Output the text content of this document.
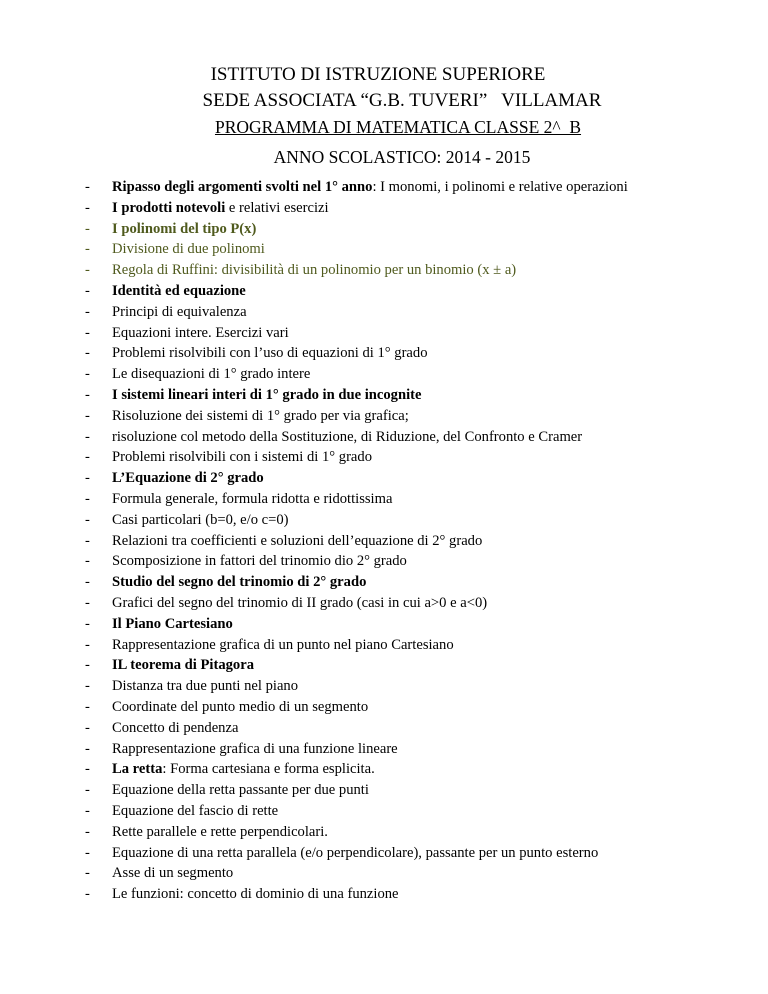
ISTITUTO DI ISTRUZIONE SUPERIORE
SEDE ASSOCIATA “G.B. TUVERI”   VILLAMAR
PROGRAMMA DI MATEMATICA CLASSE 2^  B
ANNO SCOLASTICO: 2014 - 2015
- Ripasso degli argomenti svolti nel 1° anno: I monomi, i polinomi e relative operazioni
- I prodotti notevoli e relativi esercizi
- I polinomi del tipo P(x)
- Divisione di due polinomi
- Regola di Ruffini: divisibilità di un polinomio per un binomio (x ± a)
- Identità ed equazione
- Principi di equivalenza
- Equazioni intere. Esercizi vari
- Problemi risolvibili con l’uso di equazioni di 1° grado
- Le disequazioni di 1° grado intere
- I sistemi lineari interi di 1° grado in due incognite
- Risoluzione dei sistemi di 1° grado per via grafica;
- risoluzione col metodo della Sostituzione, di Riduzione, del Confronto e Cramer
- Problemi risolvibili con i sistemi di 1° grado
- L’Equazione di 2° grado
- Formula generale, formula ridotta e ridottissima
- Casi particolari (b=0, e/o c=0)
- Relazioni tra coefficienti e soluzioni dell’equazione di 2° grado
- Scomposizione in fattori del trinomio dio 2° grado
- Studio del segno del trinomio di 2° grado
- Grafici del segno del trinomio di II grado (casi in cui a>0 e a<0)
- Il Piano Cartesiano
- Rappresentazione grafica di un punto nel piano Cartesiano
- IL teorema di Pitagora
- Distanza tra due punti nel piano
- Coordinate del punto medio di un segmento
- Concetto di pendenza
- Rappresentazione grafica di una funzione lineare
- La retta: Forma cartesiana e forma esplicita.
- Equazione della retta passante per due punti
- Equazione del fascio di rette
- Rette parallele e rette perpendicolari.
- Equazione di una retta parallela (e/o perpendicolare), passante per un punto esterno
- Asse di un segmento
- Le funzioni: concetto di dominio di una funzione
